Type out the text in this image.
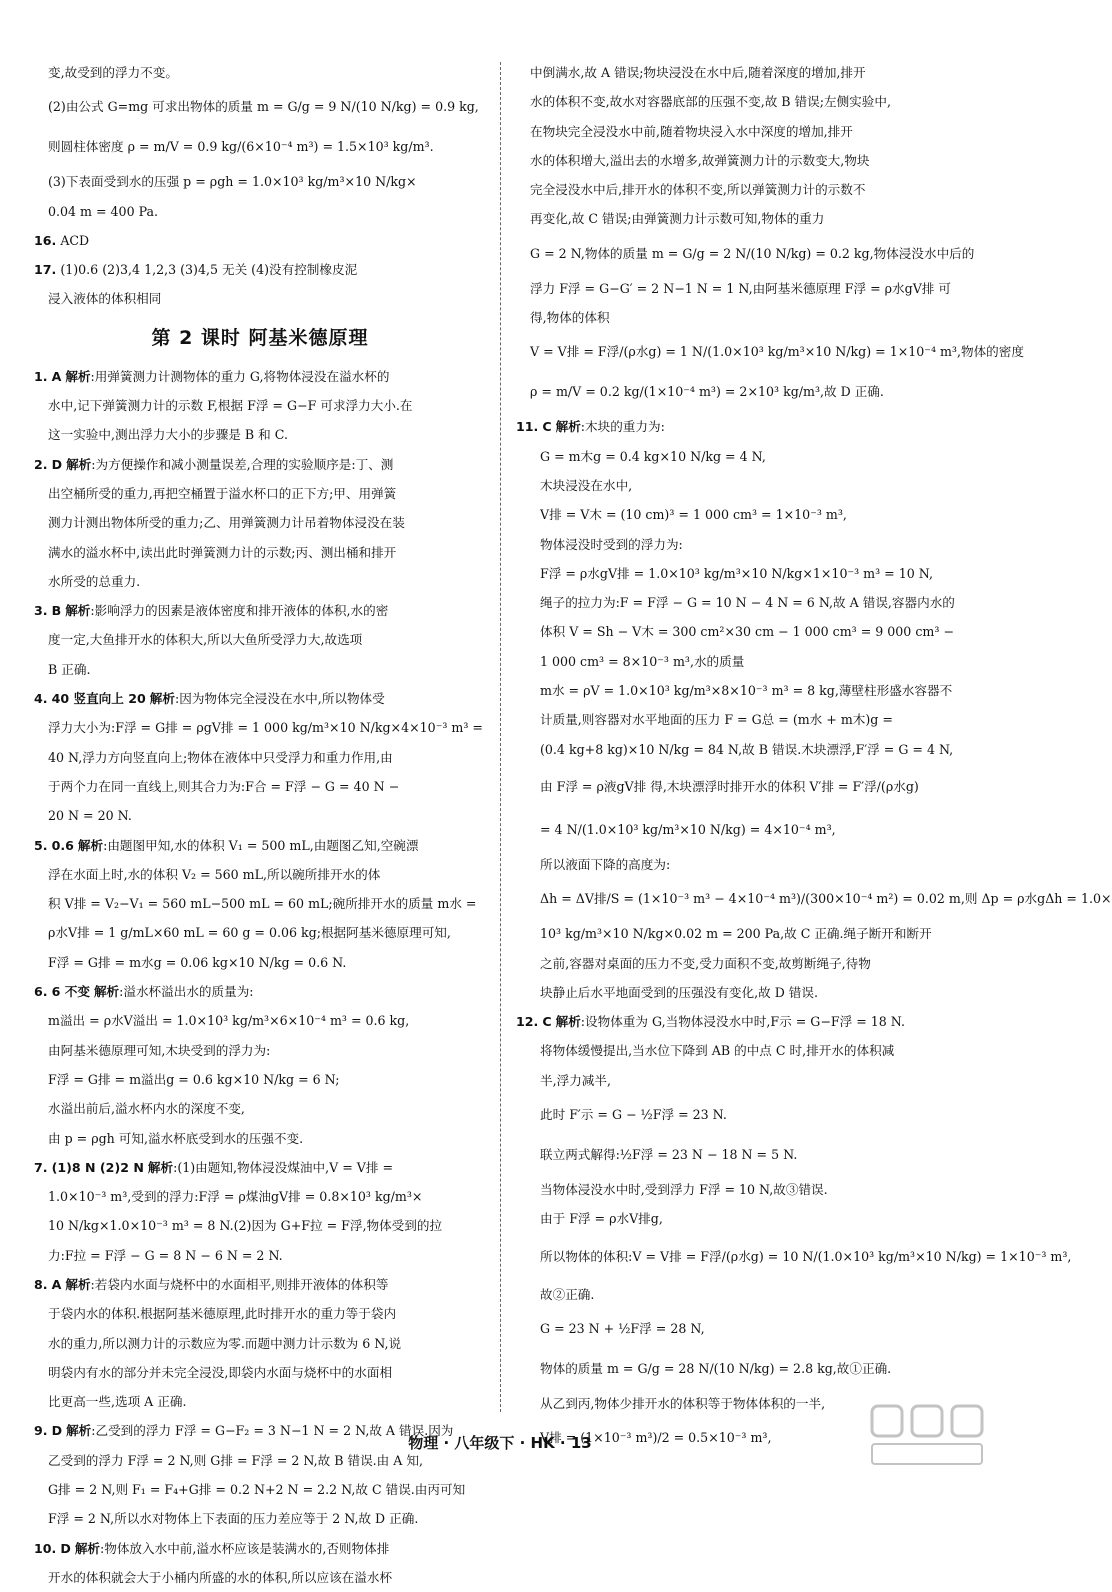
变,故受到的浮力不变。
(2)由公式 G=mg 可求出物体的质量 m = G/g = 9 N/(10 N/kg) = 0.9 kg,
则圆柱体密度 ρ = m/V = 0.9 kg/(6×10⁻⁴ m³) = 1.5×10³ kg/m³.
(3)下表面受到水的压强 p = ρgh = 1.0×10³ kg/m³×10 N/kg×
0.04 m = 400 Pa.
16. ACD
17. (1)0.6 (2)3,4 1,2,3 (3)4,5 无关 (4)没有控制橡皮泥
浸入液体的体积相同
第 2 课时 阿基米德原理
1. A 解析:用弹簧测力计测物体的重力 G,将物体浸没在溢水杯的
水中,记下弹簧测力计的示数 F,根据 F浮 = G−F 可求浮力大小.在
这一实验中,测出浮力大小的步骤是 B 和 C.
2. D 解析:为方便操作和减小测量误差,合理的实验顺序是:丁、测
出空桶所受的重力,再把空桶置于溢水杯口的正下方;甲、用弹簧
测力计测出物体所受的重力;乙、用弹簧测力计吊着物体浸没在装
满水的溢水杯中,读出此时弹簧测力计的示数;丙、测出桶和排开
水所受的总重力.
3. B 解析:影响浮力的因素是液体密度和排开液体的体积,水的密
度一定,大鱼排开水的体积大,所以大鱼所受浮力大,故选项
B 正确.
4. 40 竖直向上 20 解析:因为物体完全浸没在水中,所以物体受
浮力大小为:F浮 = G排 = ρgV排 = 1 000 kg/m³×10 N/kg×4×10⁻³ m³ =
40 N,浮力方向竖直向上;物体在液体中只受浮力和重力作用,由
于两个力在同一直线上,则其合力为:F合 = F浮 − G = 40 N −
20 N = 20 N.
5. 0.6 解析:由题图甲知,水的体积 V₁ = 500 mL,由题图乙知,空碗漂
浮在水面上时,水的体积 V₂ = 560 mL,所以碗所排开水的体
积 V排 = V₂−V₁ = 560 mL−500 mL = 60 mL;碗所排开水的质量 m水 =
ρ水V排 = 1 g/mL×60 mL = 60 g = 0.06 kg;根据阿基米德原理可知,
F浮 = G排 = m水g = 0.06 kg×10 N/kg = 0.6 N.
6. 6 不变 解析:溢水杯溢出水的质量为:
m溢出 = ρ水V溢出 = 1.0×10³ kg/m³×6×10⁻⁴ m³ = 0.6 kg,
由阿基米德原理可知,木块受到的浮力为:
F浮 = G排 = m溢出g = 0.6 kg×10 N/kg = 6 N;
水溢出前后,溢水杯内水的深度不变,
由 p = ρgh 可知,溢水杯底受到水的压强不变.
7. (1)8 N (2)2 N 解析:(1)由题知,物体浸没煤油中,V = V排 =
1.0×10⁻³ m³,受到的浮力:F浮 = ρ煤油gV排 = 0.8×10³ kg/m³×
10 N/kg×1.0×10⁻³ m³ = 8 N.(2)因为 G+F拉 = F浮,物体受到的拉
力:F拉 = F浮 − G = 8 N − 6 N = 2 N.
8. A 解析:若袋内水面与烧杯中的水面相平,则排开液体的体积等
于袋内水的体积.根据阿基米德原理,此时排开水的重力等于袋内
水的重力,所以测力计的示数应为零.而题中测力计示数为 6 N,说
明袋内有水的部分并未完全浸没,即袋内水面与烧杯中的水面相
比更高一些,选项 A 正确.
9. D 解析:乙受到的浮力 F浮 = G−F₂ = 3 N−1 N = 2 N,故 A 错误.因为
乙受到的浮力 F浮 = 2 N,则 G排 = F浮 = 2 N,故 B 错误.由 A 知,
G排 = 2 N,则 F₁ = F₄+G排 = 0.2 N+2 N = 2.2 N,故 C 错误.由丙可知
F浮 = 2 N,所以水对物体上下表面的压力差应等于 2 N,故 D 正确.
10. D 解析:物体放入水中前,溢水杯应该是装满水的,否则物体排
开水的体积就会大于小桶内所盛的水的体积,所以应该在溢水杯
中倒满水,故 A 错误;物块浸没在水中后,随着深度的增加,排开
水的体积不变,故水对容器底部的压强不变,故 B 错误;左侧实验中,
在物块完全浸没水中前,随着物块浸入水中深度的增加,排开
水的体积增大,溢出去的水增多,故弹簧测力计的示数变大,物块
完全浸没水中后,排开水的体积不变,所以弹簧测力计的示数不
再变化,故 C 错误;由弹簧测力计示数可知,物体的重力
G = 2 N,物体的质量 m = G/g = 2 N/(10 N/kg) = 0.2 kg,物体浸没水中后的
浮力 F浮 = G−G′ = 2 N−1 N = 1 N,由阿基米德原理 F浮 = ρ水gV排 可
得,物体的体积
V = V排 = F浮/(ρ水g) = 1 N/(1.0×10³ kg/m³×10 N/kg) = 1×10⁻⁴ m³,物体的密度
ρ = m/V = 0.2 kg/(1×10⁻⁴ m³) = 2×10³ kg/m³,故 D 正确.
11. C 解析:木块的重力为:
G = m木g = 0.4 kg×10 N/kg = 4 N,
木块浸没在水中,
V排 = V木 = (10 cm)³ = 1 000 cm³ = 1×10⁻³ m³,
物体浸没时受到的浮力为:
F浮 = ρ水gV排 = 1.0×10³ kg/m³×10 N/kg×1×10⁻³ m³ = 10 N,
绳子的拉力为:F = F浮 − G = 10 N − 4 N = 6 N,故 A 错误,容器内水的
体积 V = Sh − V木 = 300 cm²×30 cm − 1 000 cm³ = 9 000 cm³ −
1 000 cm³ = 8×10⁻³ m³,水的质量
m水 = ρV = 1.0×10³ kg/m³×8×10⁻³ m³ = 8 kg,薄壁柱形盛水容器不
计质量,则容器对水平地面的压力 F = G总 = (m水 + m木)g =
(0.4 kg+8 kg)×10 N/kg = 84 N,故 B 错误.木块漂浮,F′浮 = G = 4 N,
由 F浮 = ρ液gV排 得,木块漂浮时排开水的体积 V′排 = F′浮/(ρ水g)
= 4 N/(1.0×10³ kg/m³×10 N/kg) = 4×10⁻⁴ m³,
所以液面下降的高度为:
Δh = ΔV排/S = (1×10⁻³ m³ − 4×10⁻⁴ m³)/(300×10⁻⁴ m²) = 0.02 m,则 Δp = ρ水gΔh = 1.0×
10³ kg/m³×10 N/kg×0.02 m = 200 Pa,故 C 正确.绳子断开和断开
之前,容器对桌面的压力不变,受力面积不变,故剪断绳子,待物
块静止后水平地面受到的压强没有变化,故 D 错误.
12. C 解析:设物体重为 G,当物体浸没水中时,F示 = G−F浮 = 18 N.
将物体缓慢提出,当水位下降到 AB 的中点 C 时,排开水的体积减
半,浮力减半,
此时 F′示 = G − ½F浮 = 23 N.
联立两式解得:½F浮 = 23 N − 18 N = 5 N.
当物体浸没水中时,受到浮力 F浮 = 10 N,故③错误.
由于 F浮 = ρ水V排g,
所以物体的体积:V = V排 = F浮/(ρ水g) = 10 N/(1.0×10³ kg/m³×10 N/kg) = 1×10⁻³ m³,
故②正确.
G = 23 N + ½F浮 = 28 N,
物体的质量 m = G/g = 28 N/(10 N/kg) = 2.8 kg,故①正确.
从乙到丙,物体少排开水的体积等于物体体积的一半,
V排 = (1×10⁻³ m³)/2 = 0.5×10⁻³ m³,
物理 · 八年级下 · HK · 13
